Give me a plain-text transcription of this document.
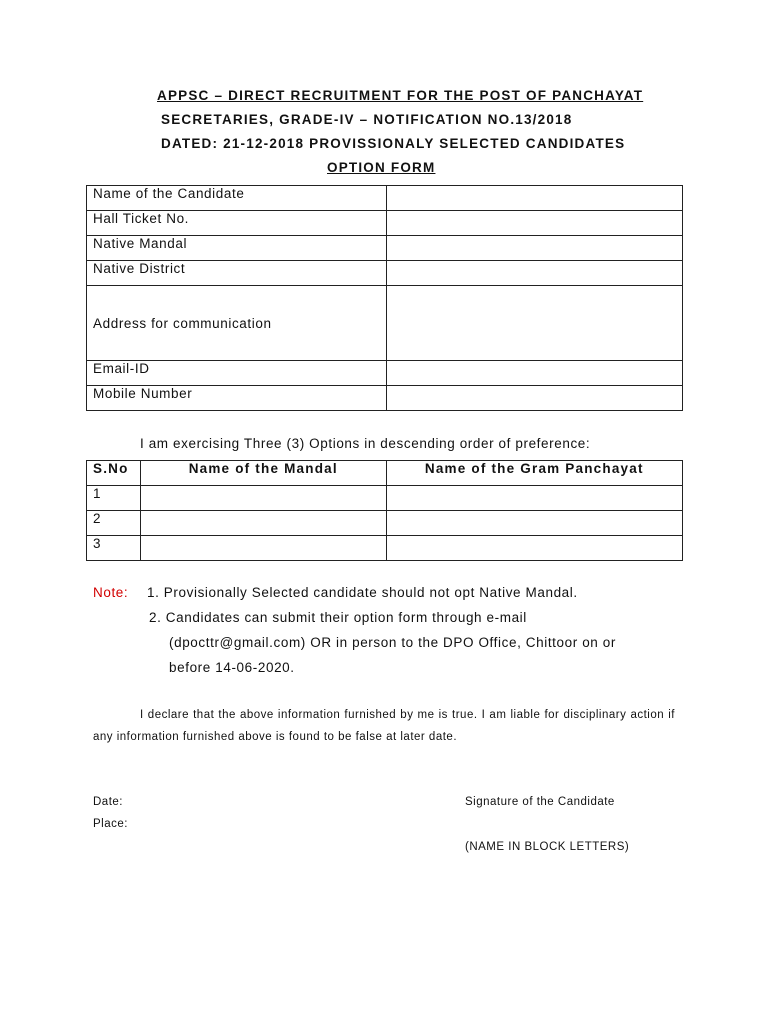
APPSC – DIRECT RECRUITMENT FOR THE POST OF PANCHAYAT
SECRETARIES, GRADE-IV – NOTIFICATION NO.13/2018
DATED: 21-12-2018 PROVISSIONALY SELECTED CANDIDATES
OPTION FORM
Name of the Candidate	
Hall Ticket No.	
Native Mandal	
Native District	
Address for communication	
Email-ID	
Mobile Number	
I am exercising Three (3) Options in descending order of preference:
S.No	Name of the Mandal	Name of the Gram Panchayat
1		
2		
3		
Note: 1. Provisionally Selected candidate should not opt Native Mandal.
2. Candidates can submit their option form through e-mail
(dpocttr@gmail.com) OR in person to the DPO Office, Chittoor on or
before 14-06-2020.
I declare that the above information furnished by me is true. I am liable for disciplinary action if any information furnished above is found to be false at later date.
Date:
Place:
Signature of the Candidate
(NAME IN BLOCK LETTERS)
